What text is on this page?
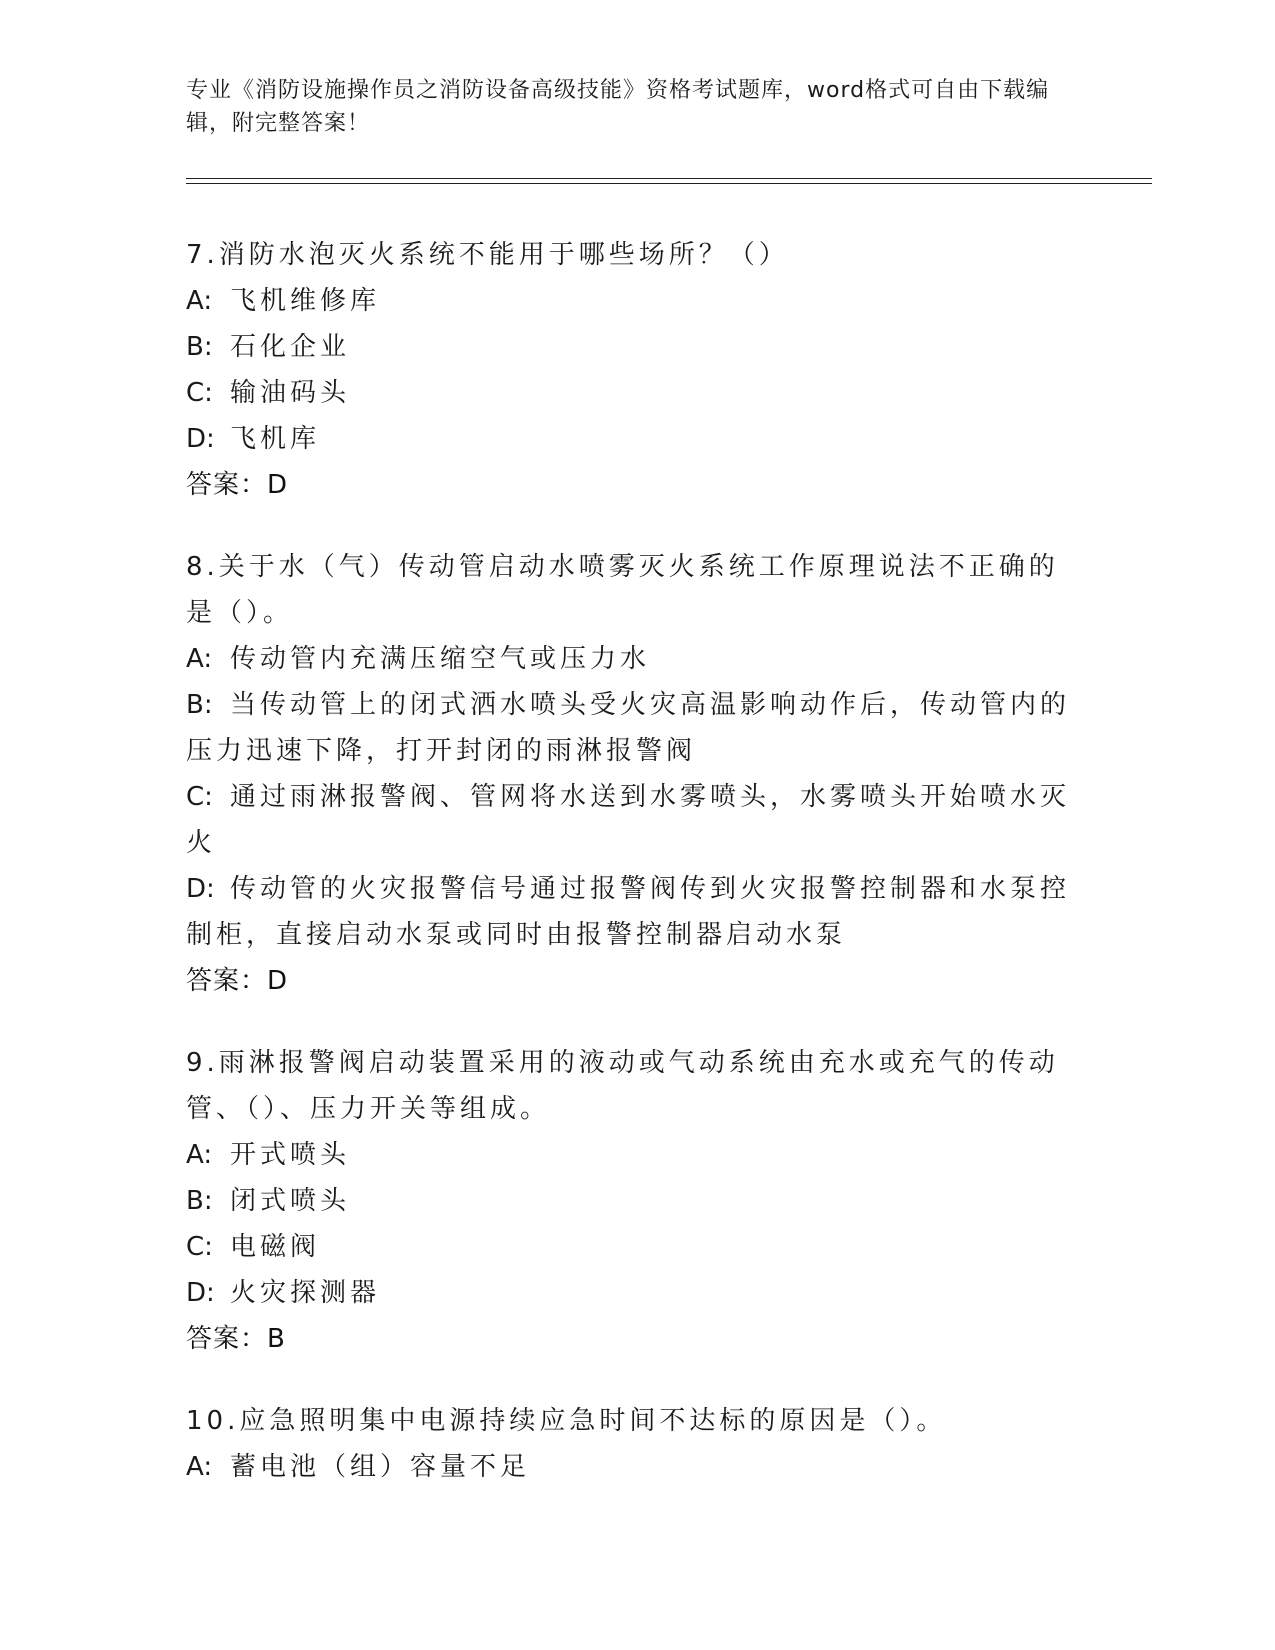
专业《消防设施操作员之消防设备高级技能》资格考试题库，word格式可自由下载编辑，附完整答案！
7.消防水泡灭火系统不能用于哪些场所？（）
A: 飞机维修库
B: 石化企业
C: 输油码头
D: 飞机库
答案：D
8.关于水（气）传动管启动水喷雾灭火系统工作原理说法不正确的是（）。
A: 传动管内充满压缩空气或压力水
B: 当传动管上的闭式洒水喷头受火灾高温影响动作后，传动管内的压力迅速下降，打开封闭的雨淋报警阀
C: 通过雨淋报警阀、管网将水送到水雾喷头，水雾喷头开始喷水灭火
D: 传动管的火灾报警信号通过报警阀传到火灾报警控制器和水泵控制柜，直接启动水泵或同时由报警控制器启动水泵
答案：D
9.雨淋报警阀启动装置采用的液动或气动系统由充水或充气的传动管、（）、压力开关等组成。
A: 开式喷头
B: 闭式喷头
C: 电磁阀
D: 火灾探测器
答案：B
10.应急照明集中电源持续应急时间不达标的原因是（）。
A: 蓄电池（组）容量不足
